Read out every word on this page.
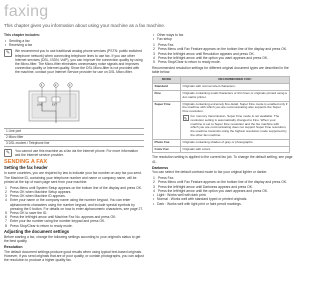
faxing
This chapter gives you information about using your machine as a fax machine.
This chapter includes:
• Sending a fax
• Receiving a fax
✎	We recommend you to use traditional analog phone services (PSTN: public switched telephone network) when connecting telephone lines to use fax. If you use other Internet services (DSL, ISDN, VolP), you can improve the connection quality by using the Micro-filter. The Micro-filter eliminates unnecessary noise signals and improves connection quality or Internet quality. Since the DSL Micro-filter is not provided with the machine, contact your Internet Service provider for use on DSL Micro-filter.
1	2	3
LINE	EXT
1 Line port
2 Micro filter
3 DSL modem / Telephone line
✎	You cannot use this machine as a fax via the internet phone. For more information ask the internet service provider.
SENDING A FAX
Setting the fax header
In some countries, you are required by law to indicate your fax number on any fax you send. The Machine ID, containing your telephone number and name or company name, will be printed at the top of each page sent from your machine.
1 Press Menu until System Setup appears on the bottom line of the display and press OK.
2 Press OK when Machine Setup appears.
3 Press OK when Machine ID appears.
4 Enter your name or the company name using the number keypad. You can enter alphanumeric characters using the number keypad, and include special symbols by pressing the 0 button. For details on how to enter alphanumeric characters, see page 27.
5 Press OK to save the ID.
6 Press the left/right arrow until Machine Fax No. appears and press OK.
7 Enter your fax number using the number keypad and press OK.
8 Press Stop/Clear to return to ready mode.
Adjusting the document settings
Before starting a fax, change the following settings according to your original's status to get the best quality.
Resolution
The default document settings produce good results when using typical text-based originals. However, if you send originals that are of poor quality, or contain photographs, you can adjust the resolution to produce a higher quality fax.
• Other ways to fax
• Fax setup
1 Press Fax.
2 Press Menu until Fax Feature appears on the bottom line of the display and press OK.
3 Press the left/right arrow until Resolution appears and press OK.
4 Press the left/right arrow until the option you want appears and press OK.
5 Press Stop/Clear to return to ready mode.
Recommended resolution settings for different original document types are described in the table below:
MODE	RECOMMENDED FOR:
Standard	Originals with normal sized characters.
Fine	Originals containing small characters or thin lines or originals printed using a dot-matrix printer.
Super Fine	Originals containing extremely fine detail. Super Fine mode is enabled only if the machine with which you are communicating also supports the Super Fine resolution.
✎ For memory transmission, Super Fine mode is not available. The resolution setting is automatically changed to Fine. When your machine is set to Super Fine resolution and the fax machine with which you are communicating does not support Super Fine resolution, the machine transmits using the highest resolution mode supported by the other fax machine.

Photo Fax	Originals containing shades of gray or photographs.
Color Fax	Originals with colors.
The resolution setting is applied to the current fax job. To change the default setting, see page 41.
Darkness
You can select the default contrast mode to fax your original lighter or darker.
1 Press Fax.
2 Press Menu until Fax Feature appears on the bottom line of the display and press OK.
3 Press the left/right arrow until Darkness appears and press OK.
4 Press the left/right arrow until the option you want appears and press OK.
• Light : Works well with dark print.
• Normal : Works well with standard typed or printed originals.
• Dark : Works well with light print or faint pencil markings.
